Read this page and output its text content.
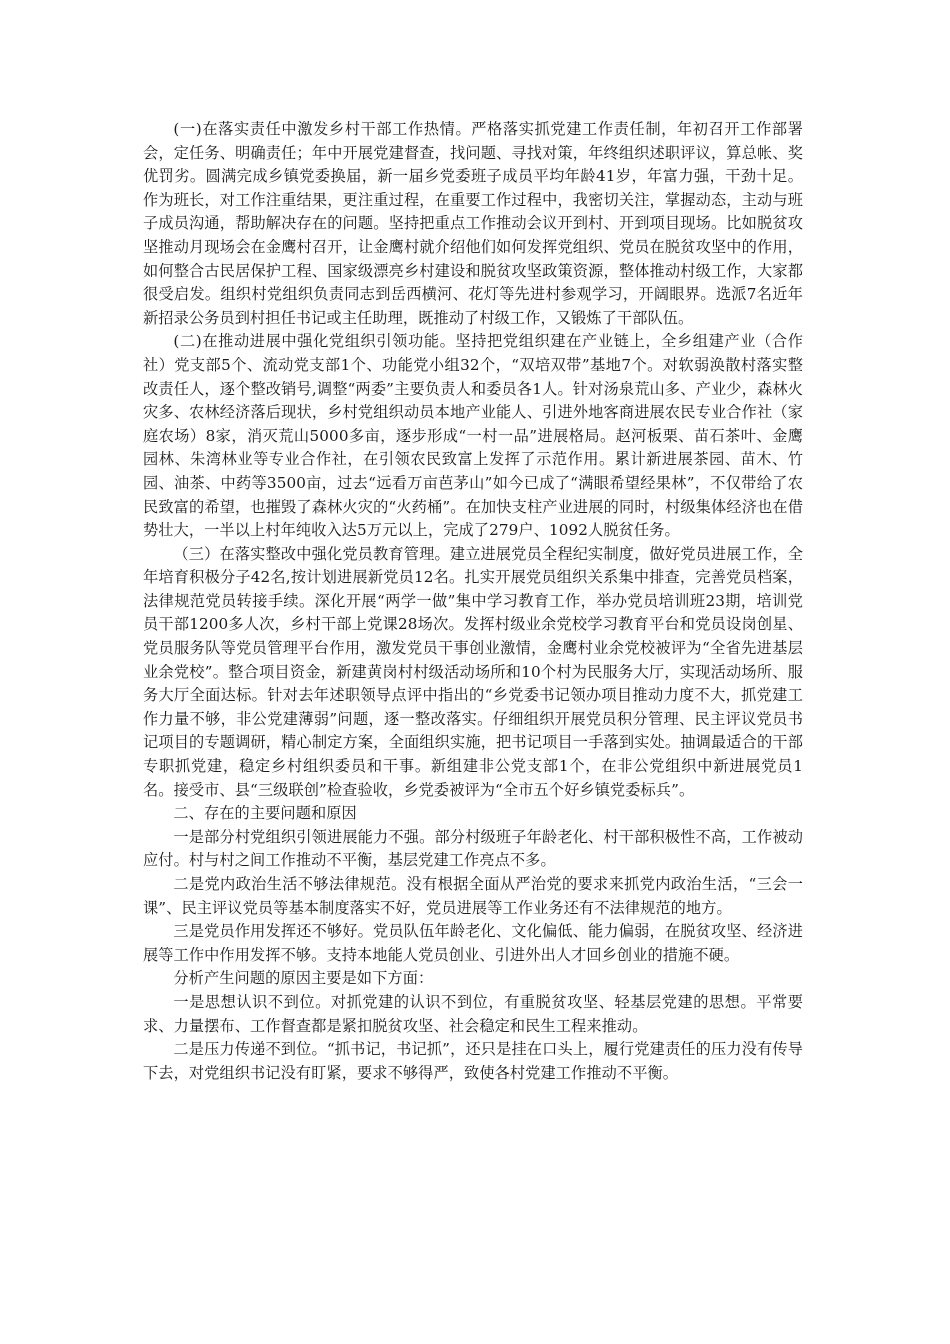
(一)在落实责任中激发乡村干部工作热情。严格落实抓党建工作责任制，年初召开工作部署会，定任务、明确责任；年中开展党建督查，找问题、寻找对策，年终组织述职评议，算总帐、奖优罚劣。圆满完成乡镇党委换届，新一届乡党委班子成员平均年龄41岁，年富力强，干劲十足。作为班长，对工作注重结果，更注重过程，在重要工作过程中，我密切关注，掌握动态，主动与班子成员沟通，帮助解决存在的问题。坚持把重点工作推动会议开到村、开到项目现场。比如脱贫攻坚推动月现场会在金鹰村召开，让金鹰村就介绍他们如何发挥党组织、党员在脱贫攻坚中的作用，如何整合古民居保护工程、国家级漂亮乡村建设和脱贫攻坚政策资源，整体推动村级工作，大家都很受启发。组织村党组织负责同志到岳西横河、花灯等先进村参观学习，开阔眼界。选派7名近年新招录公务员到村担任书记或主任助理，既推动了村级工作，又锻炼了干部队伍。

(二)在推动进展中强化党组织引领功能。坚持把党组织建在产业链上，全乡组建产业（合作社）党支部5个、流动党支部1个、功能党小组32个，“双培双带”基地7个。对软弱涣散村落实整改责任人，逐个整改销号,调整“两委”主要负责人和委员各1人。针对汤泉荒山多、产业少，森林火灾多、农林经济落后现状，乡村党组织动员本地产业能人、引进外地客商进展农民专业合作社（家庭农场）8家，消灭荒山5000多亩，逐步形成“一村一品”进展格局。赵河板栗、苗石茶叶、金鹰园林、朱湾林业等专业合作社，在引领农民致富上发挥了示范作用。累计新进展茶园、苗木、竹园、油茶、中药等3500亩，过去“远看万亩芭茅山”如今已成了“满眼希望经果林”，不仅带给了农民致富的希望，也摧毁了森林火灾的“火药桶”。在加快支柱产业进展的同时，村级集体经济也在借势壮大，一半以上村年纯收入达5万元以上，完成了279户、1092人脱贫任务。

（三）在落实整改中强化党员教育管理。建立进展党员全程纪实制度，做好党员进展工作，全年培育积极分子42名,按计划进展新党员12名。扎实开展党员组织关系集中排查，完善党员档案，法律规范党员转接手续。深化开展“两学一做”集中学习教育工作，举办党员培训班23期，培训党员干部1200多人次，乡村干部上党课28场次。发挥村级业余党校学习教育平台和党员设岗创星、党员服务队等党员管理平台作用，激发党员干事创业激情，金鹰村业余党校被评为“全省先进基层业余党校”。整合项目资金，新建黄岗村村级活动场所和10个村为民服务大厅，实现活动场所、服务大厅全面达标。针对去年述职领导点评中指出的“乡党委书记领办项目推动力度不大，抓党建工作力量不够，非公党建薄弱”问题，逐一整改落实。仔细组织开展党员积分管理、民主评议党员书记项目的专题调研，精心制定方案，全面组织实施，把书记项目一手落到实处。抽调最适合的干部专职抓党建，稳定乡村组织委员和干事。新组建非公党支部1个，在非公党组织中新进展党员1名。接受市、县“三级联创”检查验收，乡党委被评为“全市五个好乡镇党委标兵”。

二、存在的主要问题和原因

一是部分村党组织引领进展能力不强。部分村级班子年龄老化、村干部积极性不高，工作被动应付。村与村之间工作推动不平衡，基层党建工作亮点不多。

二是党内政治生活不够法律规范。没有根据全面从严治党的要求来抓党内政治生活，“三会一课”、民主评议党员等基本制度落实不好，党员进展等工作业务还有不法律规范的地方。

三是党员作用发挥还不够好。党员队伍年龄老化、文化偏低、能力偏弱，在脱贫攻坚、经济进展等工作中作用发挥不够。支持本地能人党员创业、引进外出人才回乡创业的措施不硬。

分析产生问题的原因主要是如下方面：

一是思想认识不到位。对抓党建的认识不到位，有重脱贫攻坚、轻基层党建的思想。平常要求、力量摆布、工作督查都是紧扣脱贫攻坚、社会稳定和民生工程来推动。

二是压力传递不到位。“抓书记，书记抓”，还只是挂在口头上，履行党建责任的压力没有传导下去，对党组织书记没有盯紧，要求不够得严，致使各村党建工作推动不平衡。
